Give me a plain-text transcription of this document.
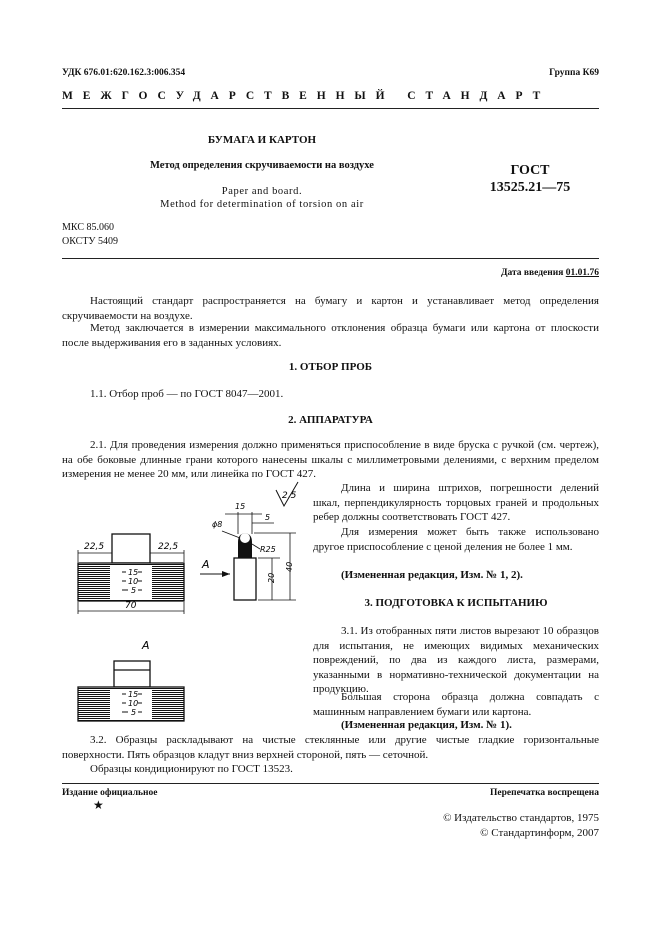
УДК 676.01:620.162.3:006.354	Группа К69
МЕЖГОСУДАРСТВЕННЫЙ СТАНДАРТ
БУМАГА И КАРТОН
Метод определения скручиваемости на воздухе
Paper and board.
Method for determination of torsion on air
ГОСТ
13525.21—75
МКС 85.060
ОКСТУ 5409
Дата введения 01.01.76
Настоящий стандарт распространяется на бумагу и картон и устанавливает метод определения скручиваемости на воздухе.
Метод заключается в измерении максимального отклонения образца бумаги или картона от плоскости после выдерживания его в заданных условиях.
1. ОТБОР ПРОБ
1.1. Отбор проб — по ГОСТ 8047—2001.
2. АППАРАТУРА
2.1. Для проведения измерения должно применяться приспособление в виде бруска с ручкой (см. чертеж), на обе боковые длинные грани которого нанесены шкалы с миллиметровыми делениями, с верхним пределом измерения не менее 20 мм, или линейка по ГОСТ 427.
Длина и ширина штрихов, погрешности делений шкал, перпендикулярность торцовых граней и продольных ребер должны соответствовать ГОСТ 427.
Для измерения может быть также использовано другое приспособление с ценой деления не более 1 мм.
(Измененная редакция, Изм. № 1, 2).
3. ПОДГОТОВКА К ИСПЫТАНИЮ
3.1. Из отобранных пяти листов вырезают 10 образцов для испытания, не имеющих видимых механических повреждений, по два из каждого листа, размерами, указанными в нормативно-технической документации на продукцию.
Большая сторона образца должна совпадать с машинным направлением бумаги или картона.
(Измененная редакция, Изм. № 1).
3.2. Образцы раскладывают на чистые стеклянные или другие чистые гладкие горизонтальные поверхности. Пять образцов кладут вниз верхней стороной, пять — сеточной.
Образцы кондиционируют по ГОСТ 13523.
15
10
5
22,5	22,5
70
А
15
5
ϕ8
R25
20
40
2,5
А
15
10
5
Издание официальное	Перепечатка воспрещена
★
© Издательство стандартов, 1975
© Стандартинформ, 2007
